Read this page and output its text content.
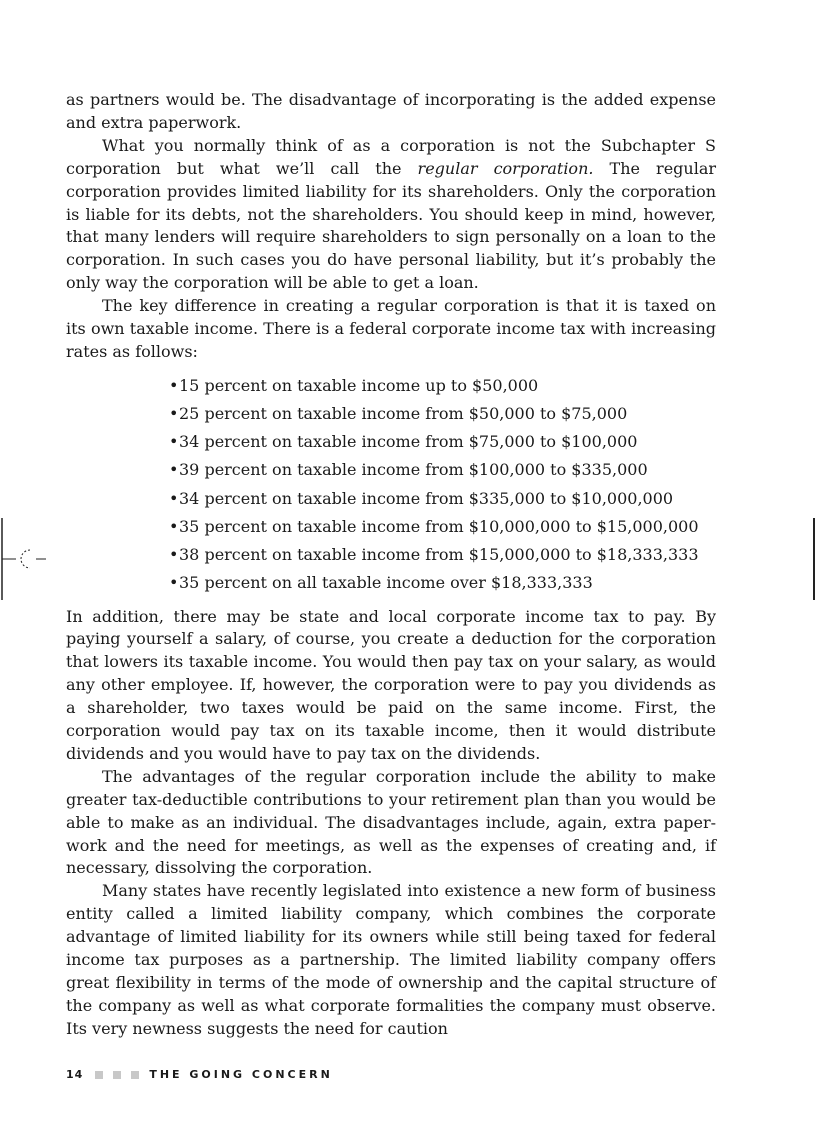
as partners would be. The disadvantage of incorporating is the added expense and extra paperwork.

What you normally think of as a corporation is not the Subchapter S corporation but what we’ll call the regular corporation. The regular corporation provides limited liability for its shareholders. Only the corporation is liable for its debts, not the shareholders. You should keep in mind, however, that many lenders will require shareholders to sign personally on a loan to the corporation. In such cases you do have personal liability, but it’s probably the only way the corporation will be able to get a loan.

The key difference in creating a regular corporation is that it is taxed on its own taxable income. There is a federal corporate income tax with increasing rates as follows:

•15 percent on taxable income up to $50,000
•25 percent on taxable income from $50,000 to $75,000
•34 percent on taxable income from $75,000 to $100,000
•39 percent on taxable income from $100,000 to $335,000
•34 percent on taxable income from $335,000 to $10,000,000
•35 percent on taxable income from $10,000,000 to $15,000,000
•38 percent on taxable income from $15,000,000 to $18,333,333
•35 percent on all taxable income over $18,333,333

In addition, there may be state and local corporate income tax to pay. By paying yourself a salary, of course, you create a deduction for the corporation that lowers its taxable income. You would then pay tax on your salary, as would any other employee. If, however, the corporation were to pay you dividends as a shareholder, two taxes would be paid on the same income. First, the corporation would pay tax on its taxable income, then it would distribute dividends and you would have to pay tax on the dividends.

The advantages of the regular corporation include the ability to make greater tax-deductible contributions to your retirement plan than you would be able to make as an individual. The disadvantages include, again, extra paperwork and the need for meetings, as well as the expenses of creating and, if necessary, dissolving the corporation.

Many states have recently legislated into existence a new form of business entity called a limited liability company, which combines the corporate advantage of limited liability for its owners while still being taxed for federal income tax purposes as a partnership. The limited liability company offers great flexibility in terms of the mode of ownership and the capital structure of the company as well as what corporate formalities the company must observe. Its very newness suggests the need for caution

14	THE GOING CONCERN
